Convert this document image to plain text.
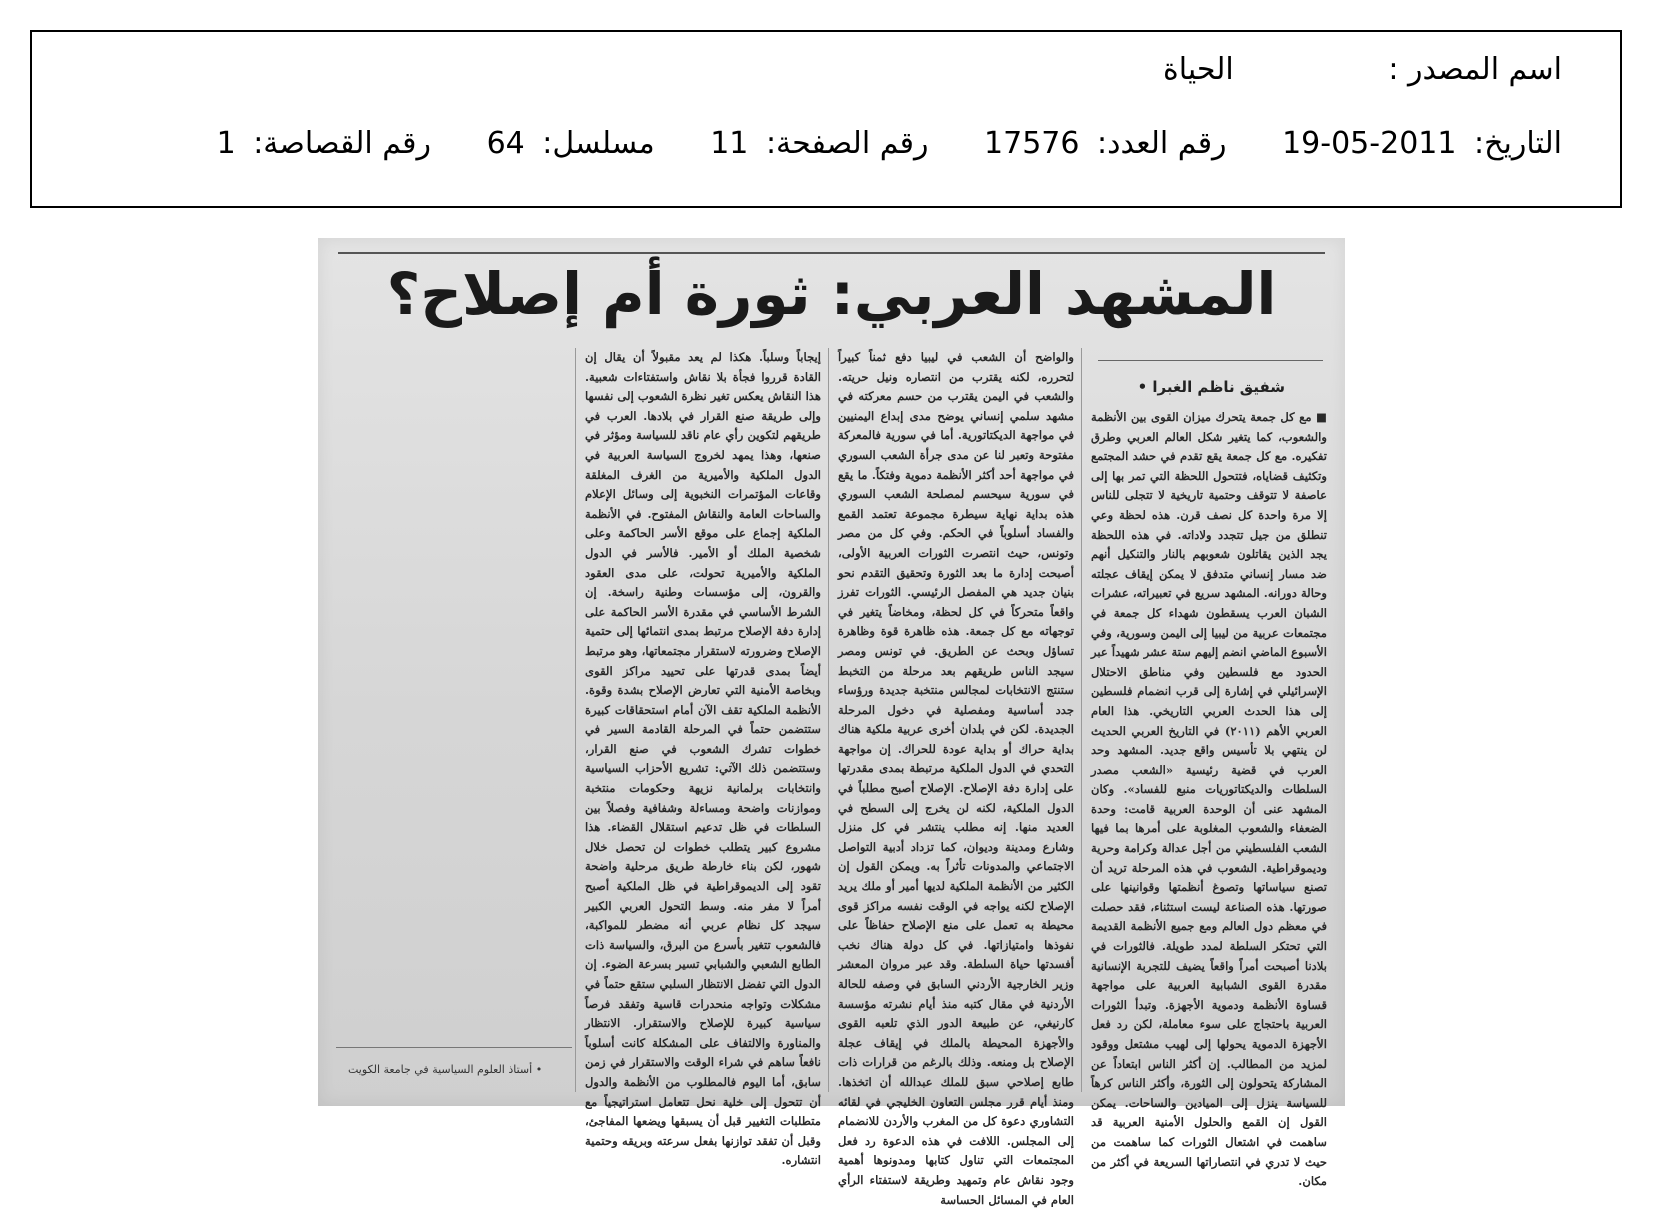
اسم المصدر : الحياة
التاريخ: 2011-05-19 رقم العدد: 17576 رقم الصفحة: 11 مسلسل: 64 رقم القصاصة: 1
المشهد العربي: ثورة أم إصلاح؟
شفيق ناظم الغبرا •

■ مع كل جمعة يتحرك ميزان القوى بين الأنظمة والشعوب، كما يتغير شكل العالم العربي وطرق تفكيره. مع كل جمعة يقع تقدم في حشد المجتمع وتكثيف قضاياه، فتتحول اللحظة التي تمر بها إلى عاصفة لا تتوقف وحتمية تاريخية لا تتجلى للناس إلا مرة واحدة كل نصف قرن. هذه لحظة وعي تنطلق من جيل تتجدد ولاداته. في هذه اللحظة يجد الذين يقاتلون شعوبهم بالنار والتنكيل أنهم ضد مسار إنساني متدفق لا يمكن إيقاف عجلته وحالة دورانه. المشهد سريع في تعبيراته، عشرات الشبان العرب يسقطون شهداء كل جمعة في مجتمعات عربية من ليبيا إلى اليمن وسورية، وفي الأسبوع الماضي انضم إليهم ستة عشر شهيداً عبر الحدود مع فلسطين وفي مناطق الاحتلال الإسرائيلي في إشارة إلى قرب انضمام فلسطين إلى هذا الحدث العربي التاريخي. هذا العام العربي الأهم (٢٠١١) في التاريخ العربي الحديث لن ينتهي بلا تأسيس واقع جديد. المشهد وحد العرب في قضية رئيسية «الشعب مصدر السلطات والديكتاتوريات منبع للفساد». وكان المشهد عنى أن الوحدة العربية قامت: وحدة الضعفاء والشعوب المغلوبة على أمرها بما فيها الشعب الفلسطيني من أجل عدالة وكرامة وحرية وديموقراطية. الشعوب في هذه المرحلة تريد أن تصنع سياساتها وتصوغ أنظمتها وقوانينها على صورتها. هذه الصناعة ليست استثناء، فقد حصلت في معظم دول العالم ومع جميع الأنظمة القديمة التي تحتكر السلطة لمدد طويلة. فالثورات في بلادنا أصبحت أمراً واقعاً يضيف للتجربة الإنسانية مقدرة القوى الشبابية العربية على مواجهة قساوة الأنظمة ودموية الأجهزة. وتبدأ الثورات العربية باحتجاج على سوء معاملة، لكن رد فعل الأجهزة الدموية يحولها إلى لهيب مشتعل ووقود لمزيد من المطالب. إن أكثر الناس ابتعاداً عن المشاركة يتحولون إلى الثورة، وأكثر الناس كرهاً للسياسة ينزل إلى الميادين والساحات. يمكن القول إن القمع والحلول الأمنية العربية قد ساهمت في اشتعال الثورات كما ساهمت من حيث لا تدري في انتصاراتها السريعة في أكثر من مكان.

والواضح أن الشعب في ليبيا دفع ثمناً كبيراً لتحرره، لكنه يقترب من انتصاره ونيل حريته. والشعب في اليمن يقترب من حسم معركته في مشهد سلمي إنساني يوضح مدى إبداع اليمنيين في مواجهة الديكتاتورية. أما في سورية فالمعركة مفتوحة وتعبر لنا عن مدى جرأة الشعب السوري في مواجهة أحد أكثر الأنظمة دموية وفتكاً. ما يقع في سورية سيحسم لمصلحة الشعب السوري هذه بداية نهاية سيطرة مجموعة تعتمد القمع والفساد أسلوباً في الحكم. وفي كل من مصر وتونس، حيث انتصرت الثورات العربية الأولى، أصبحت إدارة ما بعد الثورة وتحقيق التقدم نحو بنيان جديد هي المفصل الرئيسي. الثورات تفرز واقعاً متحركاً في كل لحظة، ومخاضاً يتغير في توجهاته مع كل جمعة. هذه ظاهرة قوة وظاهرة تساؤل وبحث عن الطريق. في تونس ومصر سيجد الناس طريقهم بعد مرحلة من التخبط ستنتج الانتخابات لمجالس منتخبة جديدة ورؤساء جدد أساسية ومفصلية في دخول المرحلة الجديدة. لكن في بلدان أخرى عربية ملكية هناك بداية حراك أو بداية عودة للحراك. إن مواجهة التحدي في الدول الملكية مرتبطة بمدى مقدرتها على إدارة دفة الإصلاح. الإصلاح أصبح مطلباً في الدول الملكية، لكنه لن يخرج إلى السطح في العديد منها. إنه مطلب ينتشر في كل منزل وشارع ومدينة وديوان، كما تزداد أدبية التواصل الاجتماعي والمدونات تأثراً به. ويمكن القول إن الكثير من الأنظمة الملكية لديها أمير أو ملك يريد الإصلاح لكنه يواجه في الوقت نفسه مراكز قوى محيطة به تعمل على منع الإصلاح حفاظاً على نفوذها وامتيازاتها. في كل دولة هناك نخب أفسدتها حياة السلطة. وقد عبر مروان المعشر وزير الخارجية الأردني السابق في وصفه للحالة الأردنية في مقال كتبه منذ أيام نشرته مؤسسة كارنيغي، عن طبيعة الدور الذي تلعبه القوى والأجهزة المحيطة بالملك في إيقاف عجلة الإصلاح بل ومنعه. وذلك بالرغم من قرارات ذات طابع إصلاحي سبق للملك عبدالله أن اتخذها. ومنذ أيام قرر مجلس التعاون الخليجي في لقائه التشاوري دعوة كل من المغرب والأردن للانضمام إلى المجلس. اللافت في هذه الدعوة رد فعل المجتمعات التي تناول كتابها ومدونوها أهمية وجود نقاش عام وتمهيد وطريقة لاستفتاء الرأي العام في المسائل الحساسة

إيجاباً وسلباً. هكذا لم يعد مقبولاً أن يقال إن القادة قرروا فجأة بلا نقاش واستفتاءات شعبية. هذا النقاش يعكس تغير نظرة الشعوب إلى نفسها وإلى طريقة صنع القرار في بلادها. العرب في طريقهم لتكوين رأي عام ناقد للسياسة ومؤثر في صنعها، وهذا يمهد لخروج السياسة العربية في الدول الملكية والأميرية من الغرف المغلقة وقاعات المؤتمرات النخبوية إلى وسائل الإعلام والساحات العامة والنقاش المفتوح. في الأنظمة الملكية إجماع على موقع الأسر الحاكمة وعلى شخصية الملك أو الأمير. فالأسر في الدول الملكية والأميرية تحولت، على مدى العقود والقرون، إلى مؤسسات وطنية راسخة. إن الشرط الأساسي في مقدرة الأسر الحاكمة على إدارة دفة الإصلاح مرتبط بمدى انتمائها إلى حتمية الإصلاح وضرورته لاستقرار مجتمعاتها، وهو مرتبط أيضاً بمدى قدرتها على تحييد مراكز القوى وبخاصة الأمنية التي تعارض الإصلاح بشدة وقوة. الأنظمة الملكية تقف الآن أمام استحقاقات كبيرة ستتضمن حتماً في المرحلة القادمة السير في خطوات تشرك الشعوب في صنع القرار، وستتضمن ذلك الآتي: تشريع الأحزاب السياسية وانتخابات برلمانية نزيهة وحكومات منتخبة وموازنات واضحة ومساءلة وشفافية وفصلاً بين السلطات في ظل تدعيم استقلال القضاء. هذا مشروع كبير يتطلب خطوات لن تحصل خلال شهور، لكن بناء خارطة طريق مرحلية واضحة تقود إلى الديموقراطية في ظل الملكية أصبح أمراً لا مفر منه. وسط التحول العربي الكبير سيجد كل نظام عربي أنه مضطر للمواكبة، فالشعوب تتغير بأسرع من البرق، والسياسة ذات الطابع الشعبي والشبابي تسير بسرعة الضوء. إن الدول التي تفضل الانتظار السلبي ستقع حتماً في مشكلات وتواجه منحدرات قاسية وتفقد فرصاً سياسية كبيرة للإصلاح والاستقرار. الانتظار والمناورة والالتفاف على المشكلة كانت أسلوباً نافعاً ساهم في شراء الوقت والاستقرار في زمن سابق، أما اليوم فالمطلوب من الأنظمة والدول أن تتحول إلى خلية نحل تتعامل استراتيجياً مع متطلبات التغيير قبل أن يسبقها ويضعها المفاجئ، وقبل أن تفقد توازنها بفعل سرعته وبريقه وحتمية انتشاره.

• أستاذ العلوم السياسية في جامعة الكويت
